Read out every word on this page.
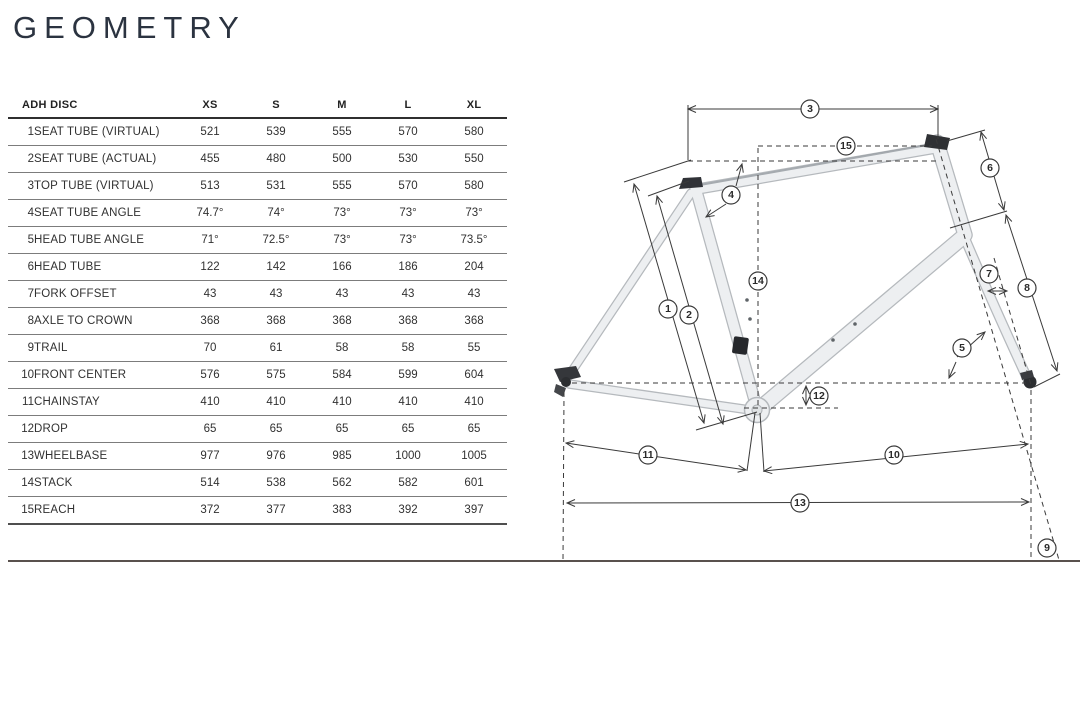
GEOMETRY
ADH DISC		XS	S	M	L	XL
1	SEAT TUBE (VIRTUAL)	521	539	555	570	580
2	SEAT TUBE (ACTUAL)	455	480	500	530	550
3	TOP TUBE (VIRTUAL)	513	531	555	570	580
4	SEAT TUBE ANGLE	74.7°	74°	73°	73°	73°
5	HEAD TUBE ANGLE	71°	72.5°	73°	73°	73.5°
6	HEAD TUBE	122	142	166	186	204
7	FORK OFFSET	43	43	43	43	43
8	AXLE TO CROWN	368	368	368	368	368
9	TRAIL	70	61	58	58	55
10	FRONT CENTER	576	575	584	599	604
11	CHAINSTAY	410	410	410	410	410
12	DROP	65	65	65	65	65
13	WHEELBASE	977	976	985	1000	1005
14	STACK	514	538	562	582	601
15	REACH	372	377	383	392	397
1 2
3
4
5
6
7
8
9
10
11
12
13
14
15
